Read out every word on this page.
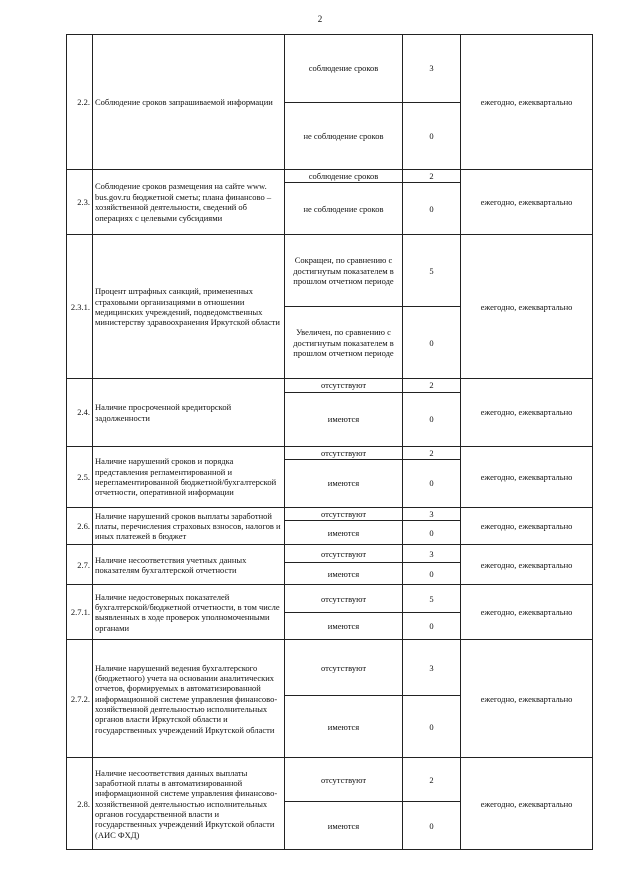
2
2.2.	Соблюдение сроков запрашиваемой информации	соблюдение сроков	3	ежегодно, ежеквартально
		не соблюдение сроков	0	
2.3.	Соблюдение сроков размещения на сайте www. bus.gov.ru бюджетной сметы; плана финансово – хозяйственной деятельности, сведений об операциях с целевыми субсидиями	соблюдение сроков	2	ежегодно, ежеквартально
		не соблюдение сроков	0	
2.3.1.	Процент штрафных санкций, примененных страховыми организациями в отношении медицинских учреждений, подведомственных министерству здравоохранения Иркутской области	Сокращен, по сравнению с достигнутым показателем в прошлом отчетном периоде	5	ежегодно, ежеквартально
		Увеличен, по сравнению с достигнутым показателем в прошлом отчетном периоде	0	
2.4.	Наличие просроченной кредиторской задолженности	отсутствуют	2	ежегодно, ежеквартально
		имеются	0	
2.5.	Наличие нарушений сроков и порядка представления регламентированной и нерегламентированной бюджетной/бухгалтерской отчетности, оперативной информации	отсутствуют	2	ежегодно, ежеквартально
		имеются	0	
2.6.	Наличие нарушений сроков выплаты заработной платы, перечисления страховых взносов, налогов и иных платежей в бюджет	отсутствуют	3	ежегодно, ежеквартально
		имеются	0	
2.7.	Наличие несоответствия учетных данных показателям бухгалтерской отчетности	отсутствуют	3	ежегодно, ежеквартально
		имеются	0	
2.7.1.	Наличие недостоверных показателей бухгалтерской/бюджетной отчетности, в том числе выявленных в ходе проверок уполномоченными органами	отсутствуют	5	ежегодно, ежеквартально
		имеются	0	
2.7.2.	Наличие нарушений ведения бухгалтерского (бюджетного) учета на основании аналитических отчетов, формируемых в автоматизированной информационной системе управления финансово-хозяйственной деятельностью исполнительных органов власти Иркутской области и государственных учреждений Иркутской области	отсутствуют	3	ежегодно, ежеквартально
		имеются	0	
2.8.	Наличие несоответствия данных выплаты заработной платы в автоматизированной информационной системе управления финансово-хозяйственной деятельностью исполнительных органов государственной власти и государственных учреждений Иркутской области (АИС ФХД)	отсутствуют	2	ежегодно, ежеквартально
		имеются	0	
